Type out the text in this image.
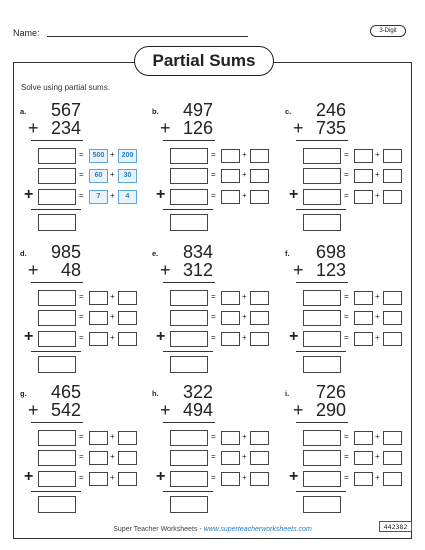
Name:	3-Digit
Partial Sums
Solve using partial sums.
a. 567
+ 234
=	500 + 200
=	60 +	30
=	7	+	4
+
b. 497
+ 126
=	+
=	+
=	+
+
c. 246
+ 735
=	+
=	+
=	+
+
d. 985
+ 48
=	+
=	+
=	+
+
e. 834
+ 312
=	+
=	+
=	+
+
f. 698
+ 123
=	+
=	+
=	+
+
g. 465
+ 542
=	+
=	+
=	+
+
h. 322
+ 494
=	+
=	+
=	+
+
i. 726
+ 290
=	+
=	+
=	+
+
Super Teacher Worksheets - www.superteacherworksheets.com	442382
